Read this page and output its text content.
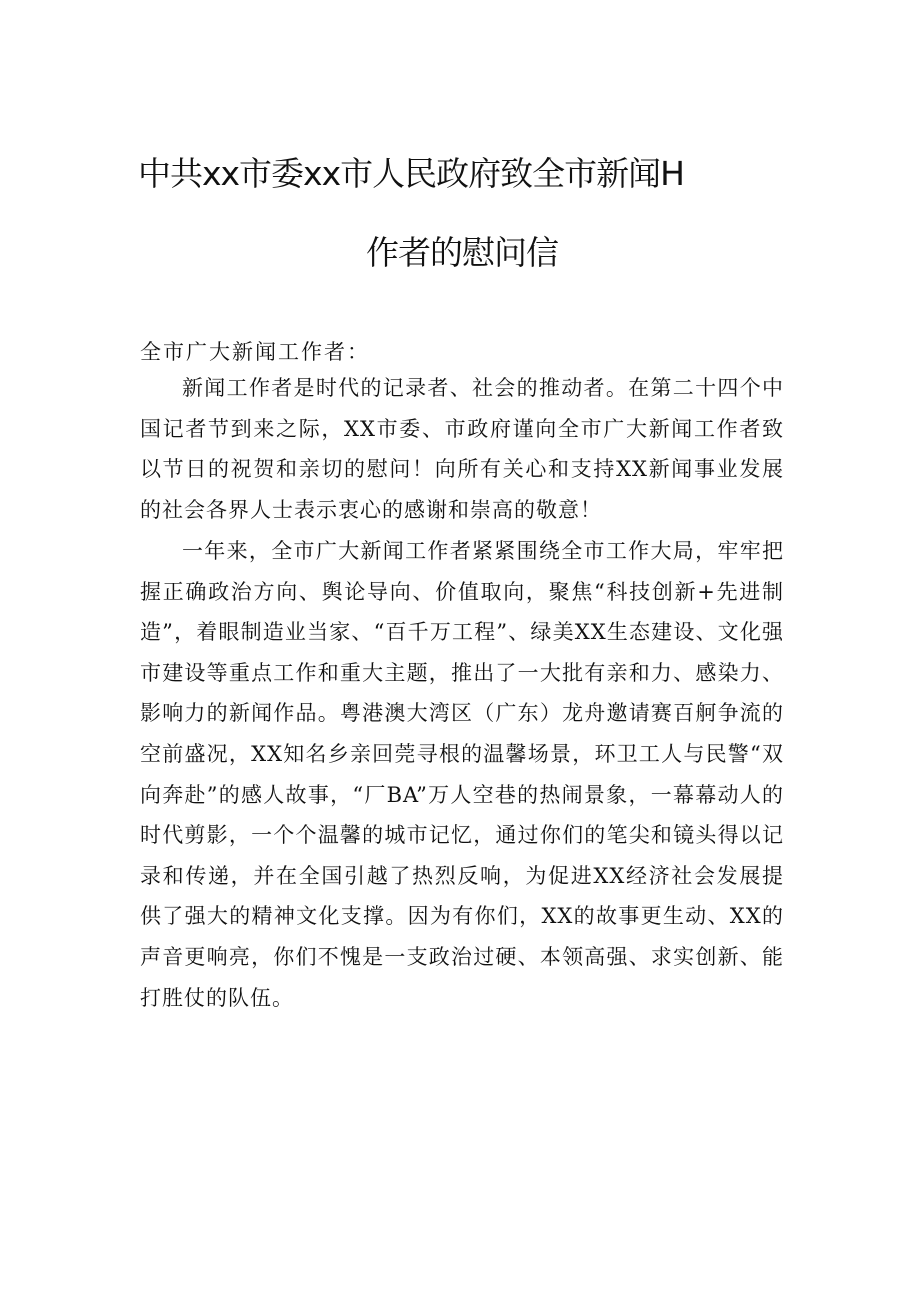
中共xx市委xx市人民政府致全市新闻H
作者的慰问信
全市广大新闻工作者：

新闻工作者是时代的记录者、社会的推动者。在第二十四个中国记者节到来之际，XX市委、市政府谨向全市广大新闻工作者致以节日的祝贺和亲切的慰问！向所有关心和支持XX新闻事业发展的社会各界人士表示衷心的感谢和崇高的敬意！

一年来，全市广大新闻工作者紧紧围绕全市工作大局，牢牢把握正确政治方向、舆论导向、价值取向，聚焦“科技创新+先进制造”，着眼制造业当家、“百千万工程”、绿美XX生态建设、文化强市建设等重点工作和重大主题，推出了一大批有亲和力、感染力、影响力的新闻作品。粤港澳大湾区（广东）龙舟邀请赛百舸争流的空前盛况，XX知名乡亲回莞寻根的温馨场景，环卫工人与民警“双向奔赴”的感人故事，“厂BA”万人空巷的热闹景象，一幕幕动人的时代剪影，一个个温馨的城市记忆，通过你们的笔尖和镜头得以记录和传递，并在全国引越了热烈反响，为促进XX经济社会发展提供了强大的精神文化支撑。因为有你们，XX的故事更生动、XX的声音更响亮，你们不愧是一支政治过硬、本领高强、求实创新、能打胜仗的队伍。
